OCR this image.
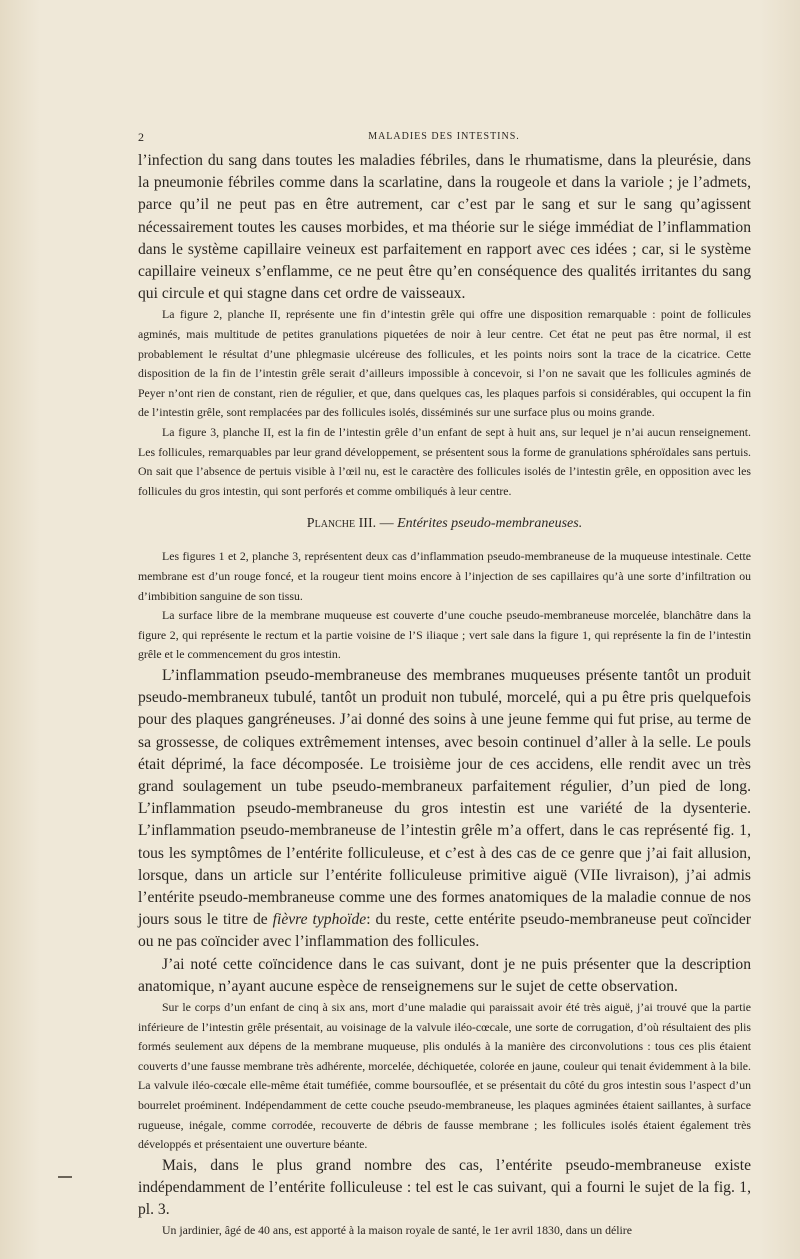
2	MALADIES DES INTESTINS.

l’infection du sang dans toutes les maladies fébriles, dans le rhumatisme, dans la pleurésie, dans la pneumonie fébriles comme dans la scarlatine, dans la rougeole et dans la variole ; je l’admets, parce qu’il ne peut pas en être autrement, car c’est par le sang et sur le sang qu’agissent nécessairement toutes les causes morbides, et ma théorie sur le siége immédiat de l’inflammation dans le système capillaire veineux est parfaitement en rapport avec ces idées ; car, si le système capillaire veineux s’enflamme, ce ne peut être qu’en conséquence des qualités irritantes du sang qui circule et qui stagne dans cet ordre de vaisseaux.

La figure 2, planche II, représente une fin d’intestin grêle qui offre une disposition remarquable : point de follicules agminés, mais multitude de petites granulations piquetées de noir à leur centre. Cet état ne peut pas être normal, il est probablement le résultat d’une phlegmasie ulcéreuse des follicules, et les points noirs sont la trace de la cicatrice. Cette disposition de la fin de l’intestin grêle serait d’ailleurs impossible à concevoir, si l’on ne savait que les follicules agminés de Peyer n’ont rien de constant, rien de régulier, et que, dans quelques cas, les plaques parfois si considérables, qui occupent la fin de l’intestin grêle, sont remplacées par des follicules isolés, disséminés sur une surface plus ou moins grande.

La figure 3, planche II, est la fin de l’intestin grêle d’un enfant de sept à huit ans, sur lequel je n’ai aucun renseignement. Les follicules, remarquables par leur grand développement, se présentent sous la forme de granulations sphéroïdales sans pertuis. On sait que l’absence de pertuis visible à l’œil nu, est le caractère des follicules isolés de l’intestin grêle, en opposition avec les follicules du gros intestin, qui sont perforés et comme ombiliqués à leur centre.

Planche III. — Entérites pseudo-membraneuses.

Les figures 1 et 2, planche 3, représentent deux cas d’inflammation pseudo-membraneuse de la muqueuse intestinale. Cette membrane est d’un rouge foncé, et la rougeur tient moins encore à l’injection de ses capillaires qu’à une sorte d’infiltration ou d’imbibition sanguine de son tissu.

La surface libre de la membrane muqueuse est couverte d’une couche pseudo-membraneuse morcelée, blanchâtre dans la figure 2, qui représente le rectum et la partie voisine de l’S iliaque ; vert sale dans la figure 1, qui représente la fin de l’intestin grêle et le commencement du gros intestin.

L’inflammation pseudo-membraneuse des membranes muqueuses présente tantôt un produit pseudo-membraneux tubulé, tantôt un produit non tubulé, morcelé, qui a pu être pris quelquefois pour des plaques gangréneuses. J’ai donné des soins à une jeune femme qui fut prise, au terme de sa grossesse, de coliques extrêmement intenses, avec besoin continuel d’aller à la selle. Le pouls était déprimé, la face décomposée. Le troisième jour de ces accidens, elle rendit avec un très grand soulagement un tube pseudo-membraneux parfaitement régulier, d’un pied de long. L’inflammation pseudo-membraneuse du gros intestin est une variété de la dysenterie. L’inflammation pseudo-membraneuse de l’intestin grêle m’a offert, dans le cas représenté fig. 1, tous les symptômes de l’entérite folliculeuse, et c’est à des cas de ce genre que j’ai fait allusion, lorsque, dans un article sur l’entérite folliculeuse primitive aiguë (VIIe livraison), j’ai admis l’entérite pseudo-membraneuse comme une des formes anatomiques de la maladie connue de nos jours sous le titre de fièvre typhoïde: du reste, cette entérite pseudo-membraneuse peut coïncider ou ne pas coïncider avec l’inflammation des follicules.

J’ai noté cette coïncidence dans le cas suivant, dont je ne puis présenter que la description anatomique, n’ayant aucune espèce de renseignemens sur le sujet de cette observation.

Sur le corps d’un enfant de cinq à six ans, mort d’une maladie qui paraissait avoir été très aiguë, j’ai trouvé que la partie inférieure de l’intestin grêle présentait, au voisinage de la valvule iléo-cœcale, une sorte de corrugation, d’où résultaient des plis formés seulement aux dépens de la membrane muqueuse, plis ondulés à la manière des circonvolutions : tous ces plis étaient couverts d’une fausse membrane très adhérente, morcelée, déchiquetée, colorée en jaune, couleur qui tenait évidemment à la bile. La valvule iléo-cœcale elle-même était tuméfiée, comme boursouflée, et se présentait du côté du gros intestin sous l’aspect d’un bourrelet proéminent. Indépendamment de cette couche pseudo-membraneuse, les plaques agminées étaient saillantes, à surface rugueuse, inégale, comme corrodée, recouverte de débris de fausse membrane ; les follicules isolés étaient également très développés et présentaient une ouverture béante.

Mais, dans le plus grand nombre des cas, l’entérite pseudo-membraneuse existe indépendamment de l’entérite folliculeuse : tel est le cas suivant, qui a fourni le sujet de la fig. 1, pl. 3.

Un jardinier, âgé de 40 ans, est apporté à la maison royale de santé, le 1er avril 1830, dans un délire
